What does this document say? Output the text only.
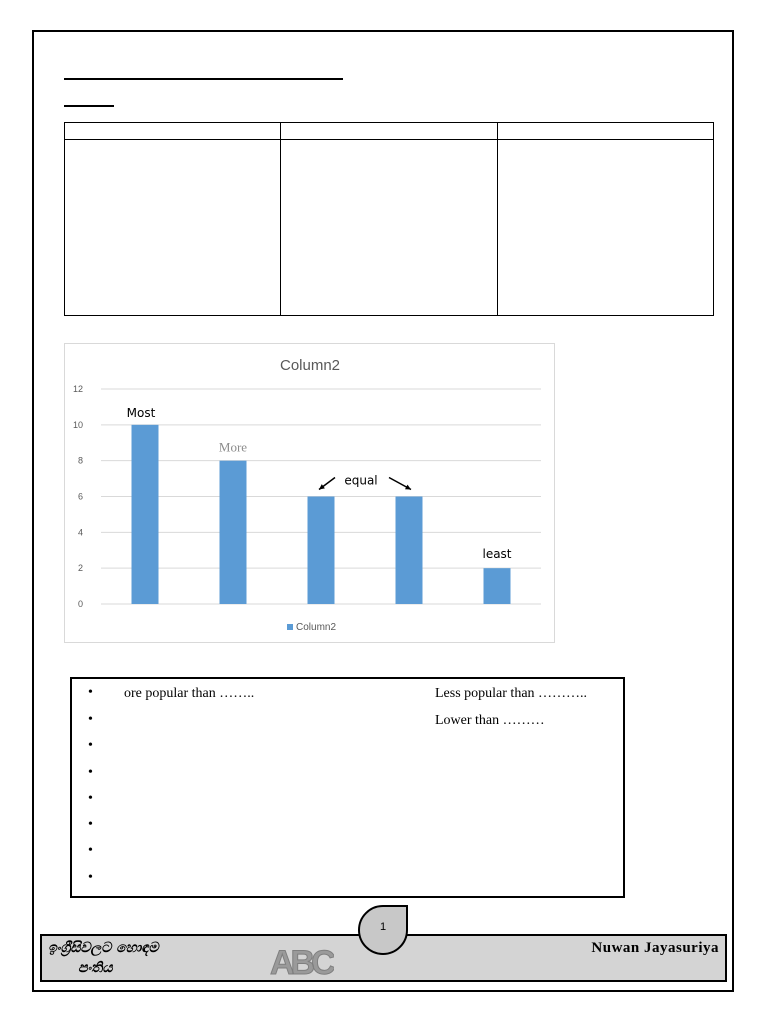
Column2
0
2
4
6
8
10
12
Most
More
equal
least
Column2
•
•
•
•
•
•
•
•
ore popular than ……..	Less popular than ………..
Lower than ………
ඉංග්‍රීසිවලට හොඳම
පංතිය	ABC	Nuwan Jayasuriya
1
